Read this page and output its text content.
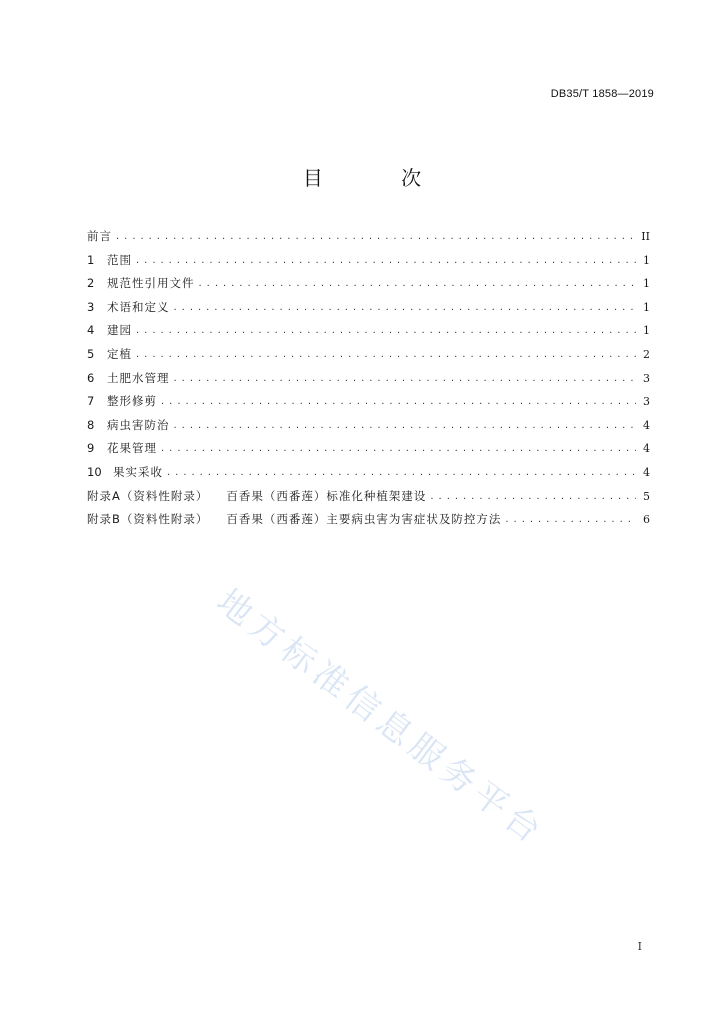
DB35/T 1858—2019
目 次
前言 . . .	II
1	范围 . . .	1
2	规范性引用文件 . . .	1
3	术语和定义 . . .	1
4	建园 . . .	1
5	定植 . . .	2
6	土肥水管理 . . .	3
7	整形修剪 . . .	3
8	病虫害防治 . . .	4
9	花果管理 . . .	4
10 果实采收 . . .	4
附录A（资料性附录） 百香果（西番莲）标准化种植架建设 . . .	5
附录B（资料性附录） 百香果（西番莲）主要病虫害为害症状及防控方法 . . .	6
地方标准信息服务平台
I
